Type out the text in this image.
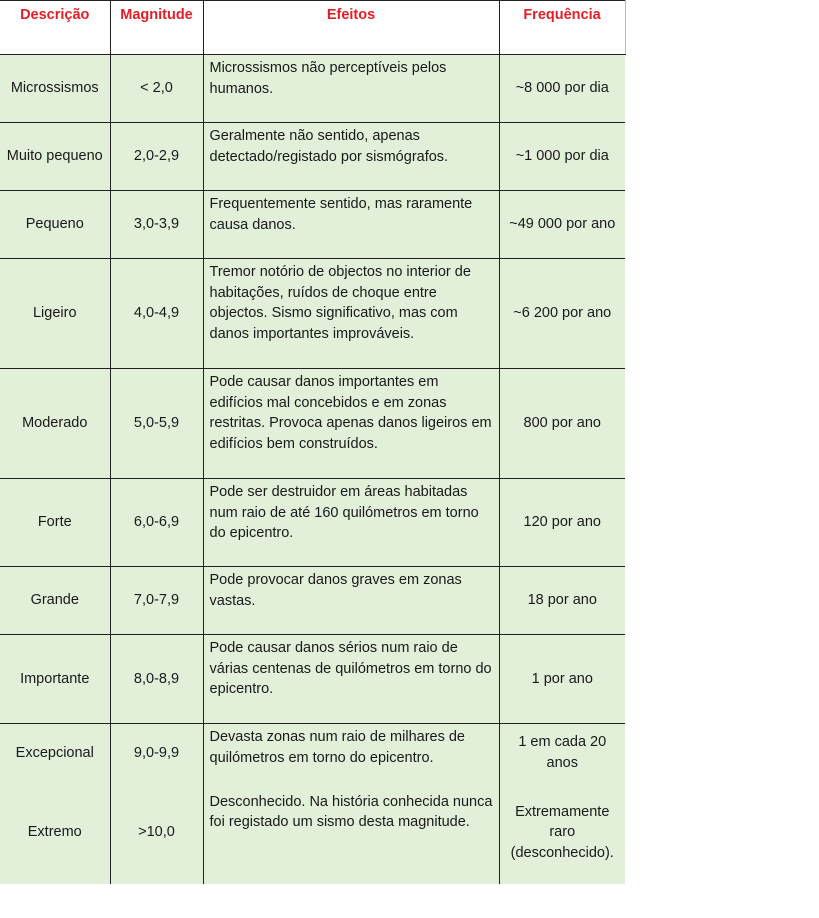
Descrição	Magnitude	Efeitos	Frequência
Microssismos	< 2,0	Microssismos não perceptíveis pelos humanos.	~8 000 por dia
Muito pequeno	2,0-2,9	Geralmente não sentido, apenas detectado/registado por sismógrafos.	~1 000 por dia
Pequeno	3,0-3,9	Frequentemente sentido, mas raramente causa danos.	~49 000 por ano
Ligeiro	4,0-4,9	Tremor notório de objectos no interior de habitações, ruídos de choque entre objectos. Sismo significativo, mas com danos importantes improváveis.	~6 200 por ano
Moderado	5,0-5,9	Pode causar danos importantes em edifícios mal concebidos e em zonas restritas. Provoca apenas danos ligeiros em edifícios bem construídos.	800 por ano
Forte	6,0-6,9	Pode ser destruidor em áreas habitadas num raio de até 160 quilómetros em torno do epicentro.	120 por ano
Grande	7,0-7,9	Pode provocar danos graves em zonas vastas.	18 por ano
Importante	8,0-8,9	Pode causar danos sérios num raio de várias centenas de quilómetros em torno do epicentro.	1 por ano
Excepcional	9,0-9,9	Devasta zonas num raio de milhares de quilómetros em torno do epicentro.	1 em cada 20 anos
Extremo	>10,0	Desconhecido. Na história conhecida nunca foi registado um sismo desta magnitude.	Extremamente raro (desconhecido).
